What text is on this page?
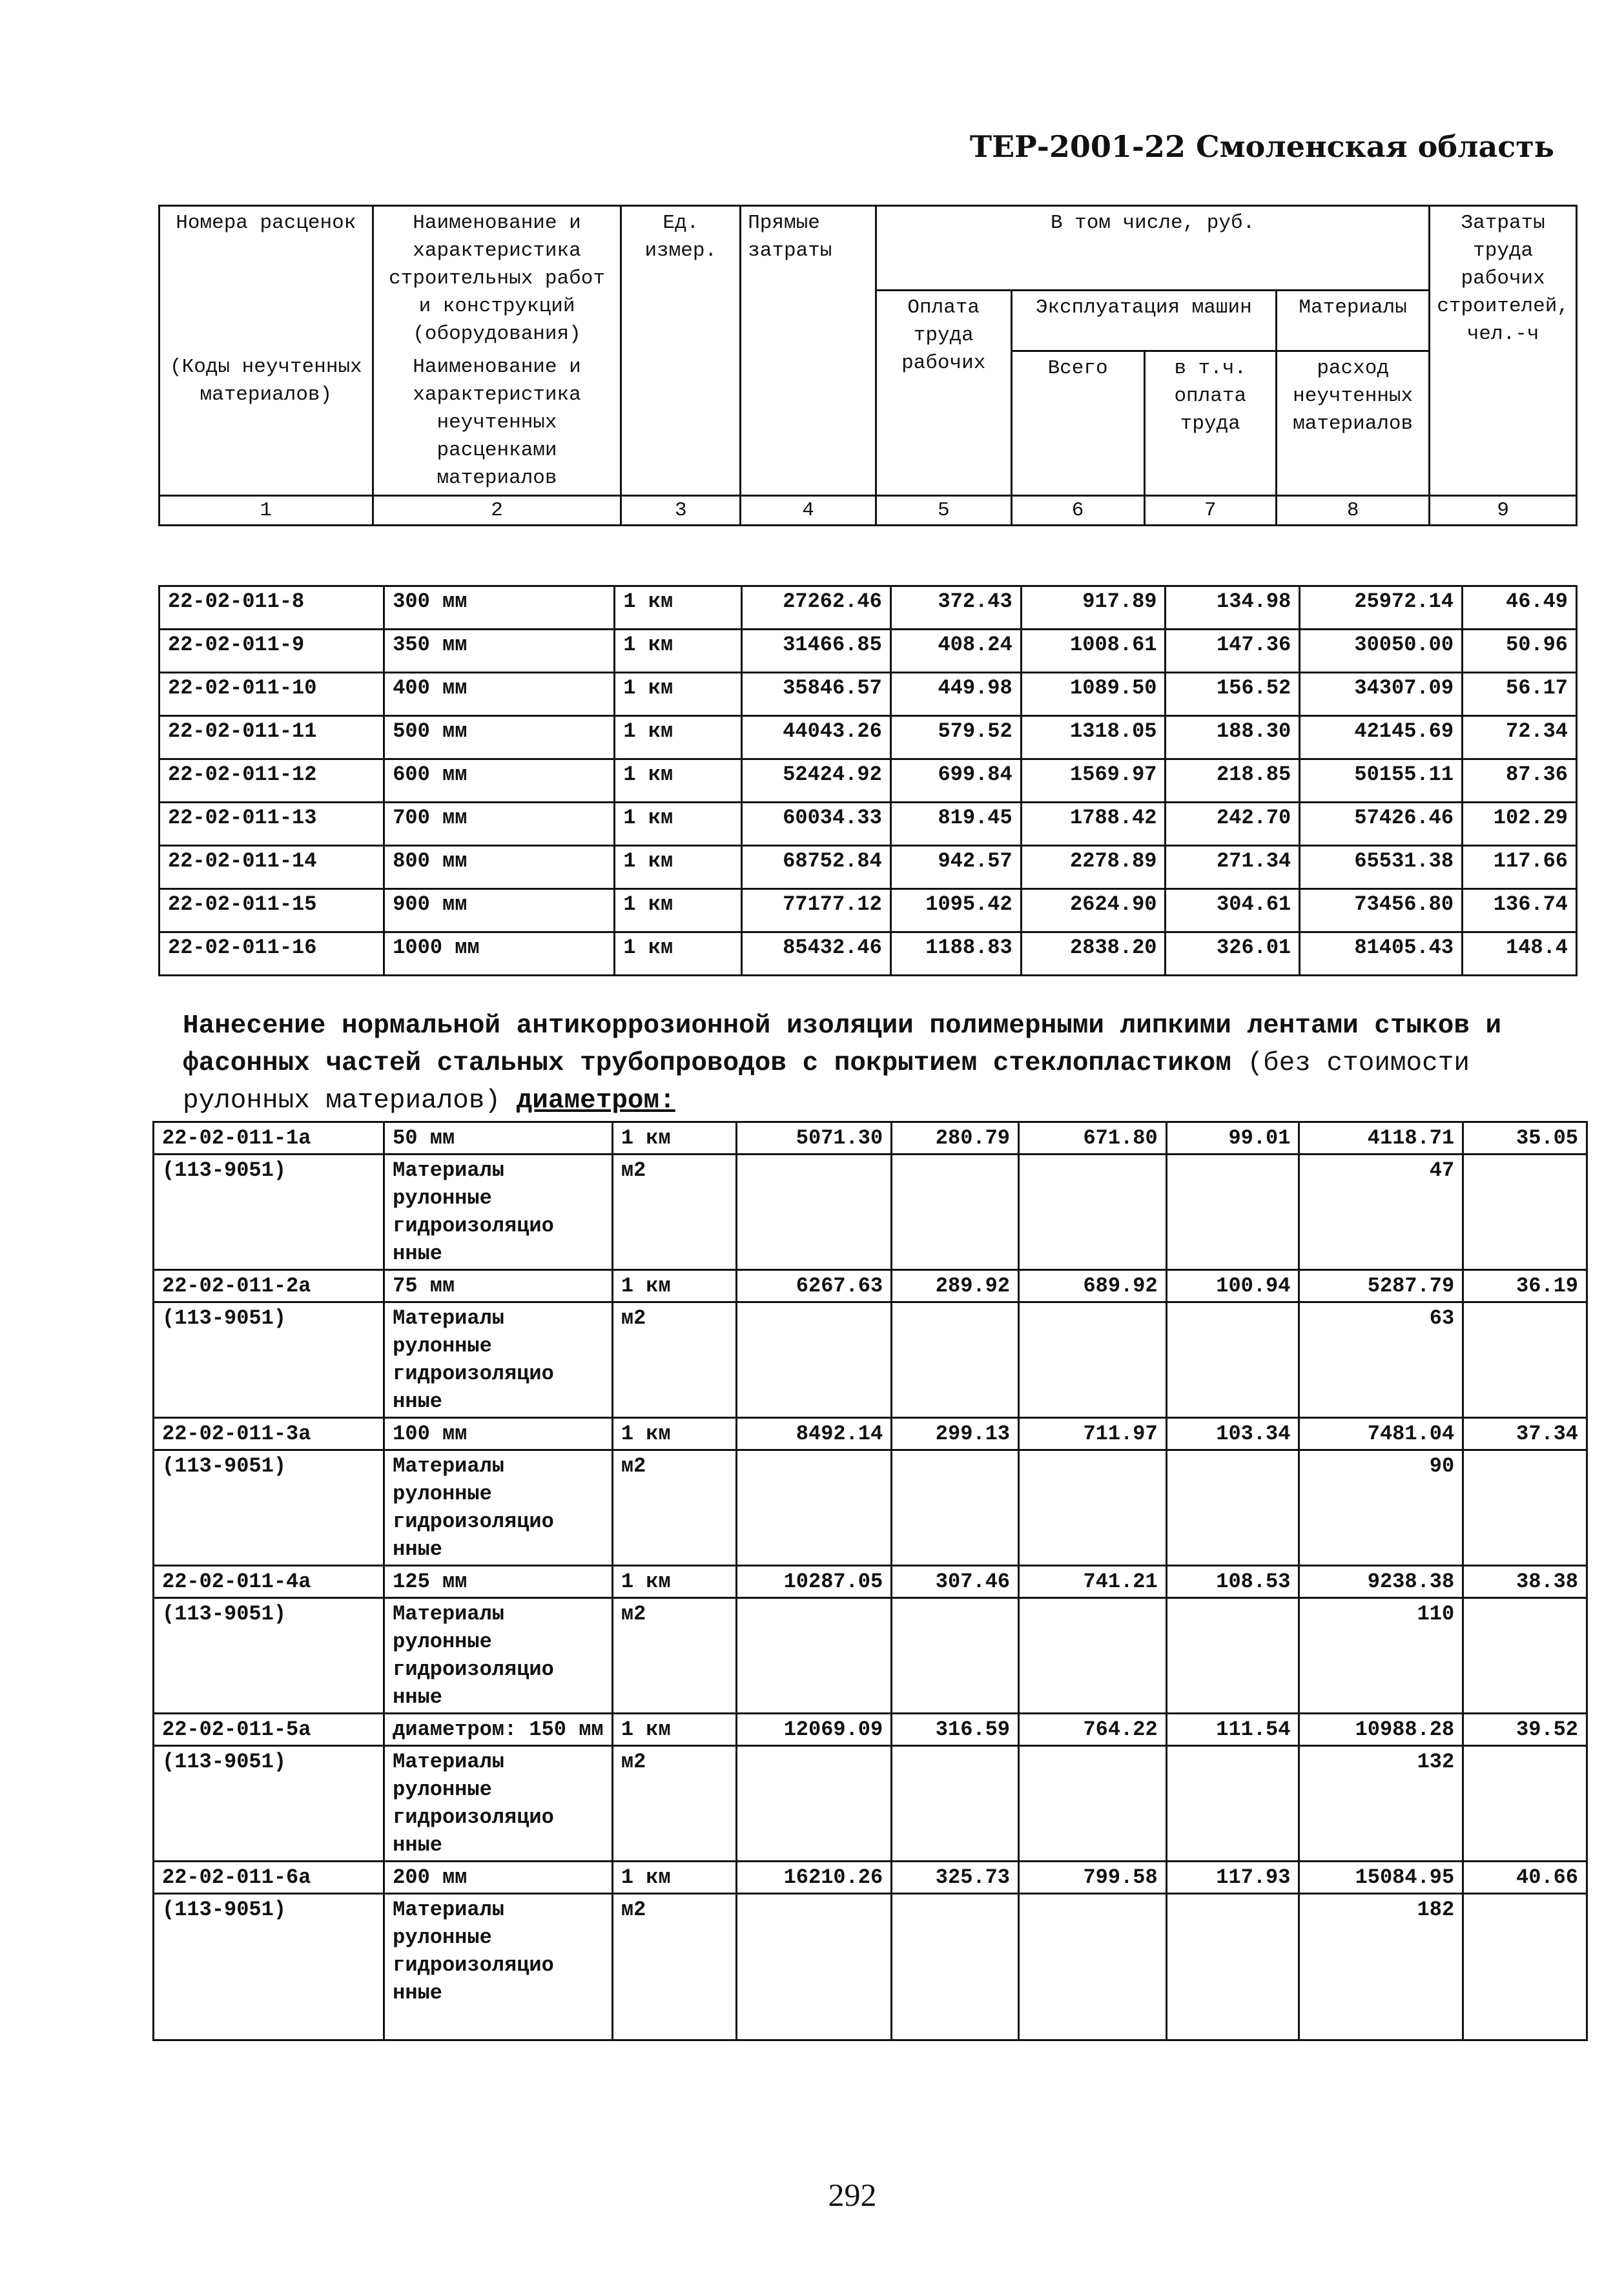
ТЕР-2001-22 Смоленская область
Номера расценок	Наименование и характеристика строительных работ и конструкций (оборудования)	Ед. измер.	Прямые затраты	В том числе, руб.				Затраты труда рабочих строителей, чел.-ч
				Оплата труда рабочих	Эксплуатация машин		Материалы	
(Коды неучтенных материалов)	Наименование и характеристика неучтенных расценками материалов				Всего	в т.ч. оплата труда	расход неучтенных материалов	
1	2	3	4	5	6	7	8	9
22-02-011-8	300 мм	1 км	27262.46	372.43	917.89	134.98	25972.14	46.49
22-02-011-9	350 мм	1 км	31466.85	408.24	1008.61	147.36	30050.00	50.96
22-02-011-10	400 мм	1 км	35846.57	449.98	1089.50	156.52	34307.09	56.17
22-02-011-11	500 мм	1 км	44043.26	579.52	1318.05	188.30	42145.69	72.34
22-02-011-12	600 мм	1 км	52424.92	699.84	1569.97	218.85	50155.11	87.36
22-02-011-13	700 мм	1 км	60034.33	819.45	1788.42	242.70	57426.46	102.29
22-02-011-14	800 мм	1 км	68752.84	942.57	2278.89	271.34	65531.38	117.66
22-02-011-15	900 мм	1 км	77177.12	1095.42	2624.90	304.61	73456.80	136.74
22-02-011-16	1000 мм	1 км	85432.46	1188.83	2838.20	326.01	81405.43	148.4
Нанесение нормальной антикоррозионной изоляции полимерными липкими лентами стыков и фасонных частей стальных трубопроводов с покрытием стеклопластиком (без стоимости рулонных материалов) диаметром:
22-02-011-1a	50 мм	1 км	5071.30	280.79	671.80	99.01	4118.71	35.05
(113-9051)	Материалы рулонные гидроизоляцио нные	м2					47	
22-02-011-2a	75 мм	1 км	6267.63	289.92	689.92	100.94	5287.79	36.19
(113-9051)	Материалы рулонные гидроизоляцио нные	м2					63	
22-02-011-3a	100 мм	1 км	8492.14	299.13	711.97	103.34	7481.04	37.34
(113-9051)	Материалы рулонные гидроизоляцио нные	м2					90	
22-02-011-4a	125 мм	1 км	10287.05	307.46	741.21	108.53	9238.38	38.38
(113-9051)	Материалы рулонные гидроизоляцио нные	м2					110	
22-02-011-5a	диаметром: 150 мм	1 км	12069.09	316.59	764.22	111.54	10988.28	39.52
(113-9051)	Материалы рулонные гидроизоляцио нные	м2					132	
22-02-011-6a	200 мм	1 км	16210.26	325.73	799.58	117.93	15084.95	40.66
(113-9051)	Материалы рулонные гидроизоляцио нные	м2					182	
292
